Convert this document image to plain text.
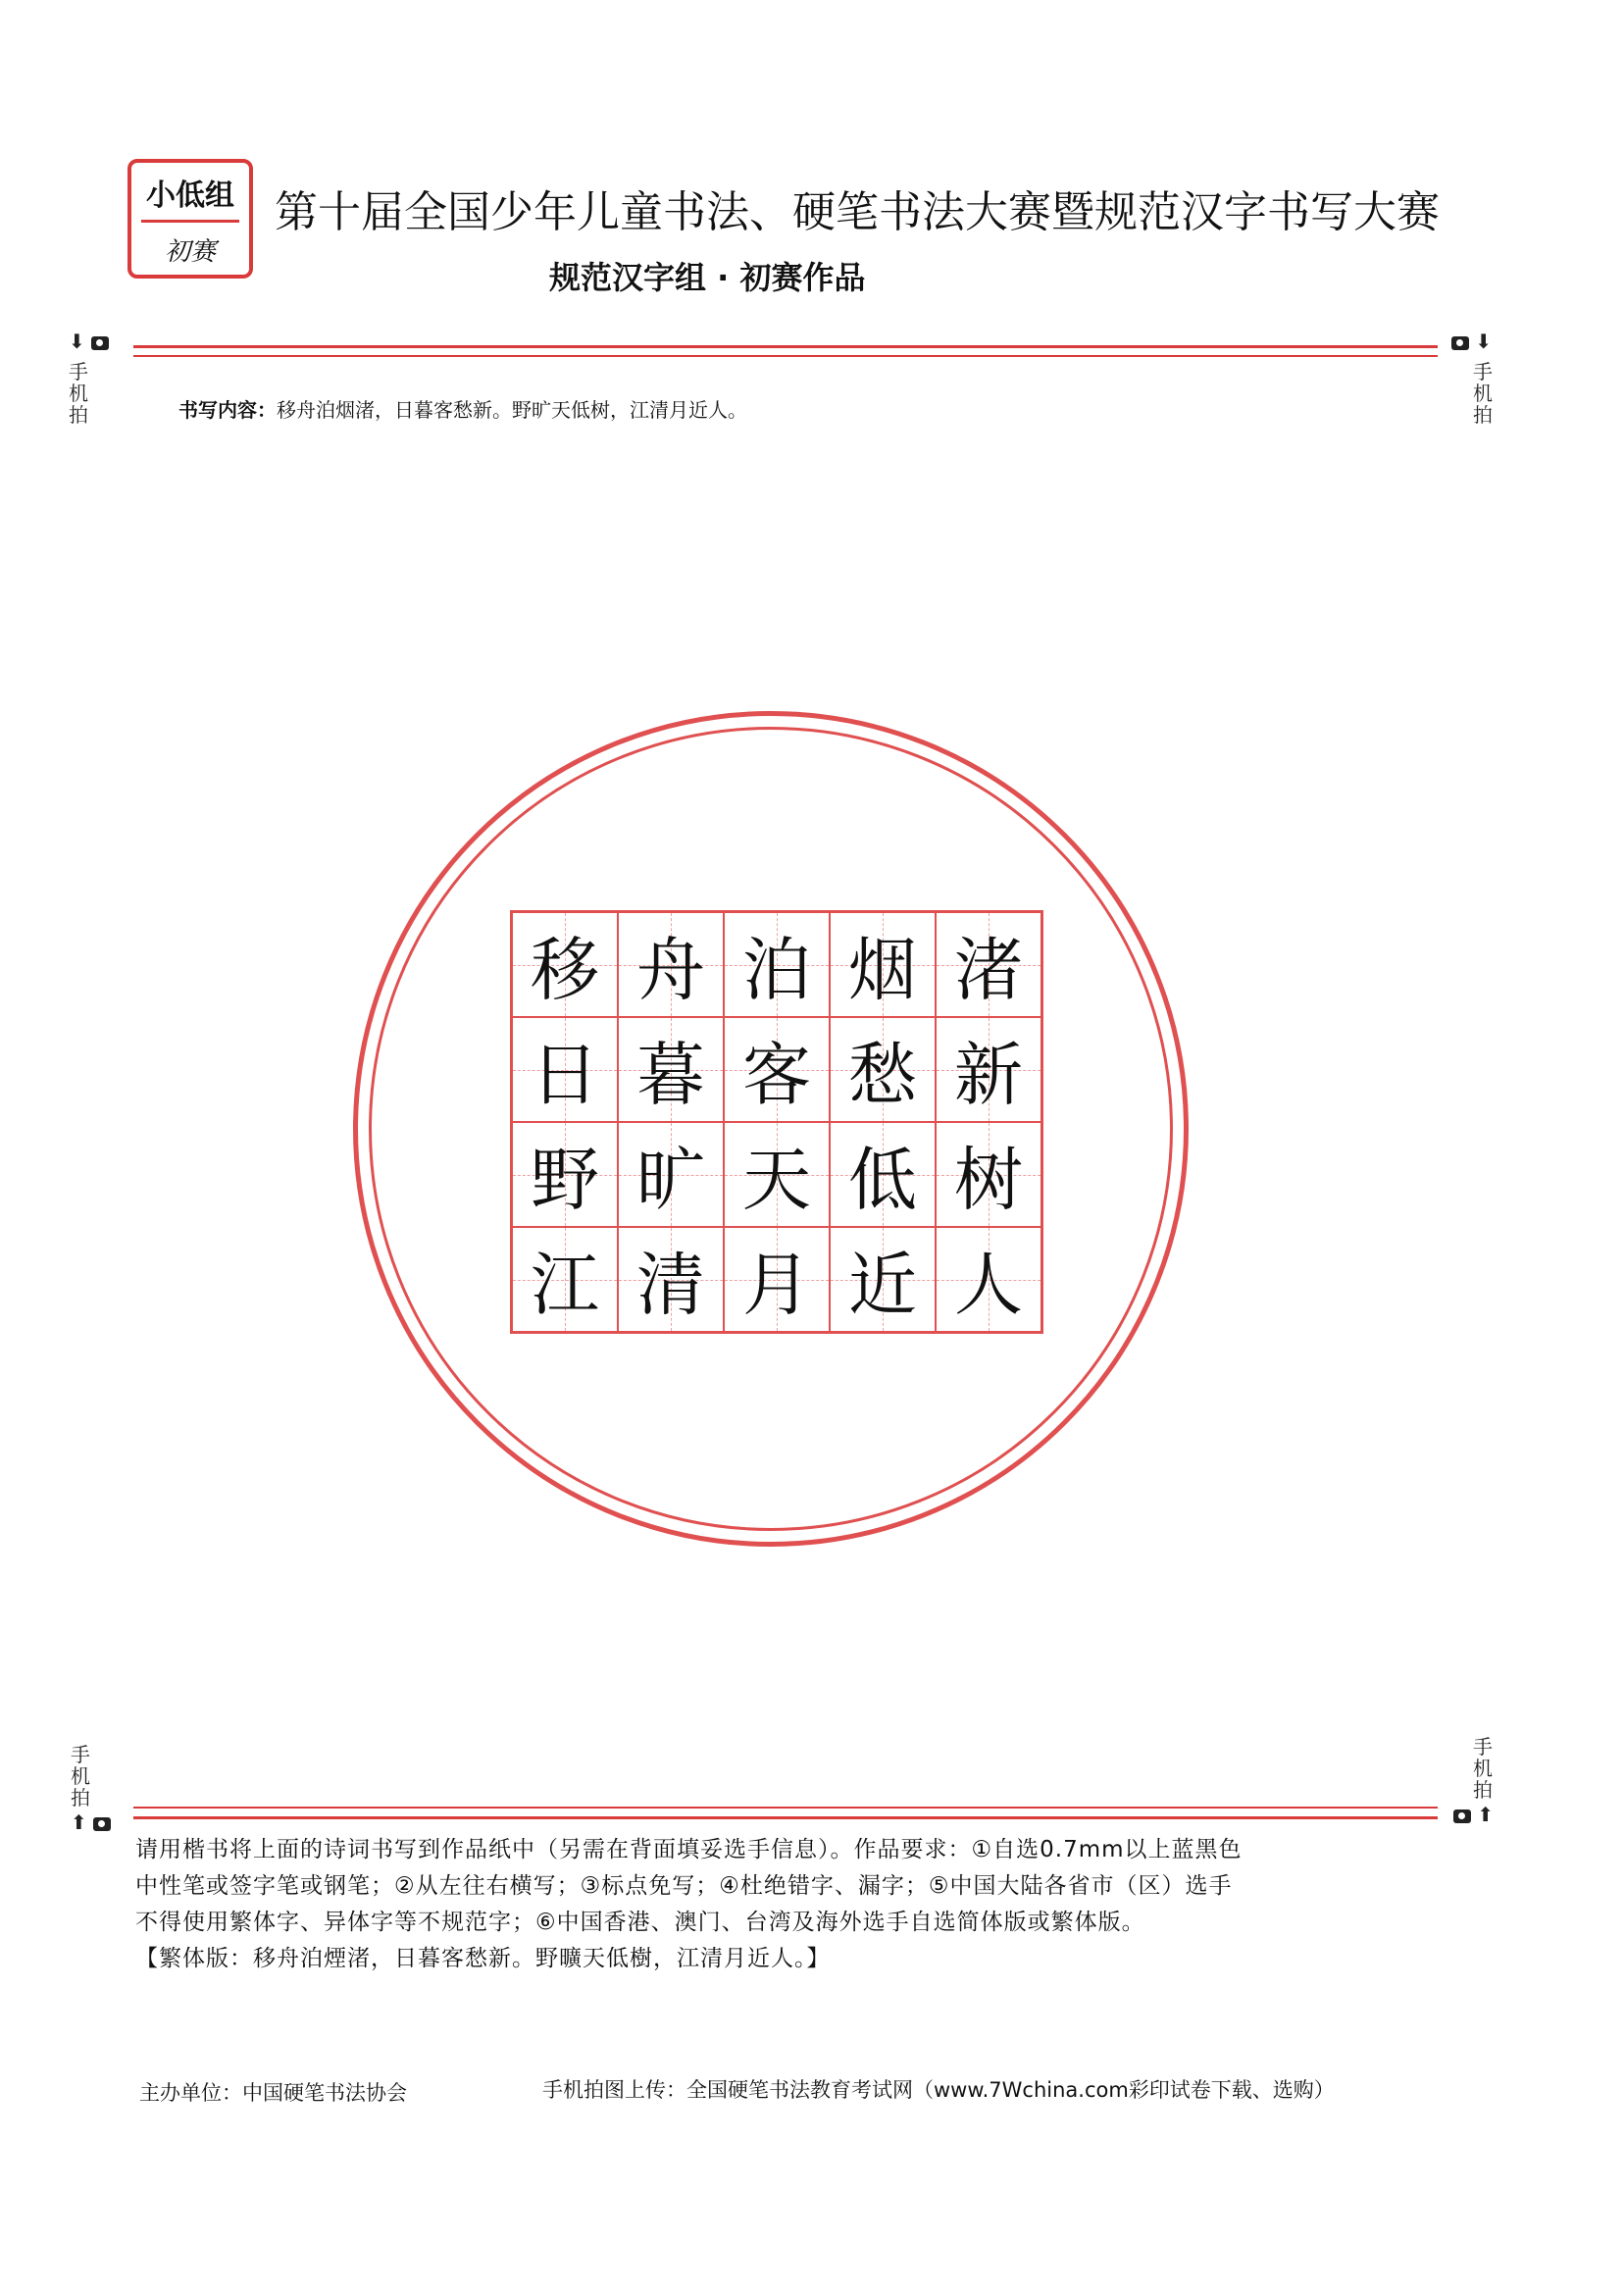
小低组
初赛
第十届全国少年儿童书法、硬笔书法大赛暨规范汉字书写大赛
规范汉字组 · 初赛作品
⬇
手
机
拍
⬇
手
机
拍
书写内容：移舟泊烟渚，日暮客愁新。野旷天低树，江清月近人。
移 舟 泊 烟 渚
日 暮 客 愁 新
野 旷 天 低 树
江 清 月 近 人
手
机
拍
⬆
手
机
拍
⬆
请用楷书将上面的诗词书写到作品纸中（另需在背面填妥选手信息）。作品要求：①自选0.7mm以上蓝黑色
中性笔或签字笔或钢笔；②从左往右横写；③标点免写；④杜绝错字、漏字；⑤中国大陆各省市（区）选手
不得使用繁体字、异体字等不规范字；⑥中国香港、澳门、台湾及海外选手自选简体版或繁体版。
【繁体版：移舟泊煙渚，日暮客愁新。野曠天低樹，江清月近人。】
主办单位：中国硬笔书法协会	手机拍图上传：全国硬笔书法教育考试网（www.7Wchina.com彩印试卷下载、选购）
